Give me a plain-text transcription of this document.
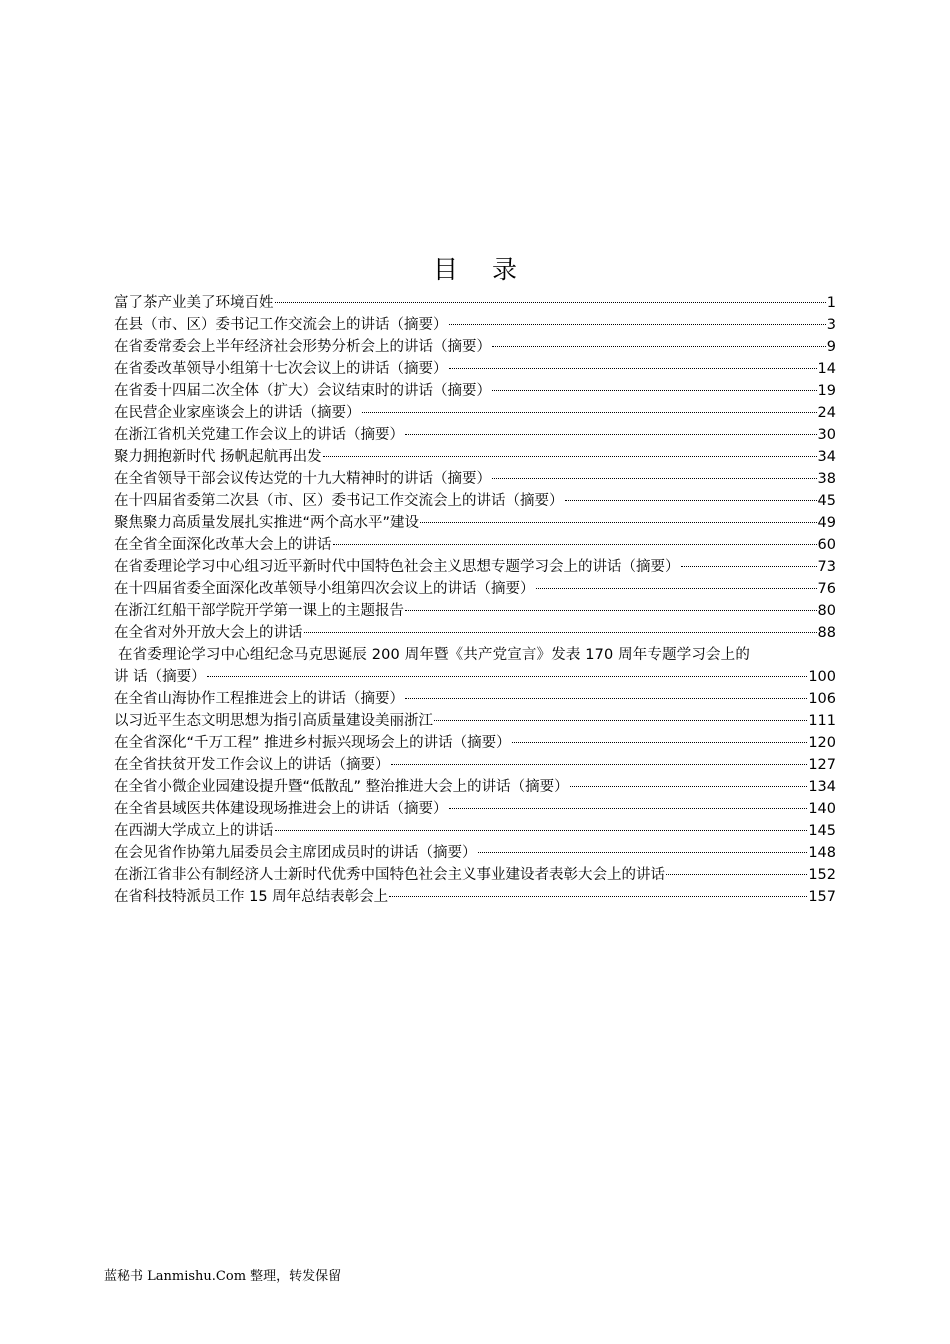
目录
富了茶产业美了环境百姓	1
在县（市、区）委书记工作交流会上的讲话（摘要）	3
在省委常委会上半年经济社会形势分析会上的讲话（摘要）	9
在省委改革领导小组第十七次会议上的讲话（摘要）	14
在省委十四届二次全体（扩大）会议结束时的讲话（摘要）	19
在民营企业家座谈会上的讲话（摘要）	24
在浙江省机关党建工作会议上的讲话（摘要）	30
聚力拥抱新时代 扬帆起航再出发	34
在全省领导干部会议传达党的十九大精神时的讲话（摘要）	38
在十四届省委第二次县（市、区）委书记工作交流会上的讲话（摘要）	45
聚焦聚力高质量发展扎实推进“两个高水平”建设	49
在全省全面深化改革大会上的讲话	60
在省委理论学习中心组习近平新时代中国特色社会主义思想专题学习会上的讲话（摘要）	73
在十四届省委全面深化改革领导小组第四次会议上的讲话（摘要）	76
在浙江红船干部学院开学第一课上的主题报告	80
在全省对外开放大会上的讲话	88
在省委理论学习中心组纪念马克思诞辰 200 周年暨《共产党宣言》发表 170 周年专题学习会上的
讲 话（摘要）	100
在全省山海协作工程推进会上的讲话（摘要）	106
以习近平生态文明思想为指引高质量建设美丽浙江	111
在全省深化“千万工程” 推进乡村振兴现场会上的讲话（摘要）	120
在全省扶贫开发工作会议上的讲话（摘要）	127
在全省小微企业园建设提升暨“低散乱” 整治推进大会上的讲话（摘要）	134
在全省县域医共体建设现场推进会上的讲话（摘要）	140
在西湖大学成立上的讲话	145
在会见省作协第九届委员会主席团成员时的讲话（摘要）	148
在浙江省非公有制经济人士新时代优秀中国特色社会主义事业建设者表彰大会上的讲话	152
在省科技特派员工作 15 周年总结表彰会上	157
蓝秘书 Lanmishu.Com 整理，转发保留
